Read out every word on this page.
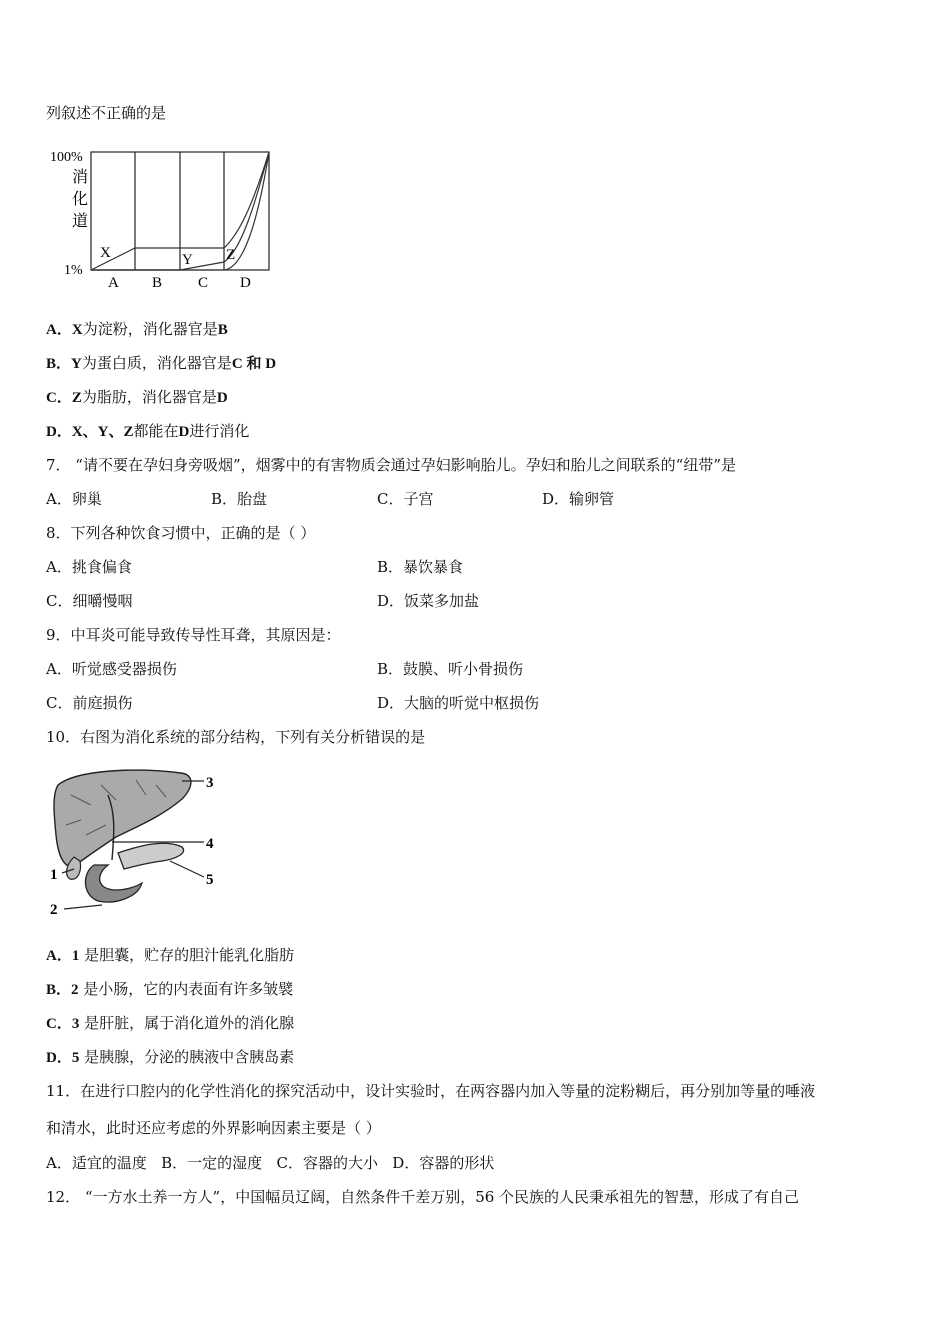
列叙述不正确的是
100%
1%
消
化
道
A B C D
X	Y Z
A．X为淀粉，消化器官是B
B．Y为蛋白质，消化器官是C 和 D
C．Z为脂肪，消化器官是D
D．X、Y、Z都能在D进行消化
7． “请不要在孕妇身旁吸烟”，烟雾中的有害物质会通过孕妇影响胎儿。孕妇和胎儿之间联系的“纽带”是
A．卵巢	B．胎盘	C．子宫	D．输卵管
8．下列各种饮食习惯中，正确的是（ ）
A．挑食偏食	B．暴饮暴食
C．细嚼慢咽	D．饭菜多加盐
9．中耳炎可能导致传导性耳聋，其原因是：
A．听觉感受器损伤	B．鼓膜、听小骨损伤
C．前庭损伤	D．大脑的听觉中枢损伤
10．右图为消化系统的部分结构，下列有关分析错误的是
3
4
5
1
2
A．1 是胆囊，贮存的胆汁能乳化脂肪
B．2 是小肠，它的内表面有许多皱襞
C．3 是肝脏，属于消化道外的消化腺
D．5 是胰腺，分泌的胰液中含胰岛素
11．在进行口腔内的化学性消化的探究活动中，设计实验时，在两容器内加入等量的淀粉糊后，再分别加等量的唾液
和清水，此时还应考虑的外界影响因素主要是（ ）
A．适宜的温度 B．一定的湿度 C．容器的大小 D．容器的形状
12． “一方水土养一方人”，中国幅员辽阔，自然条件千差万别，56 个民族的人民秉承祖先的智慧，形成了有自己
